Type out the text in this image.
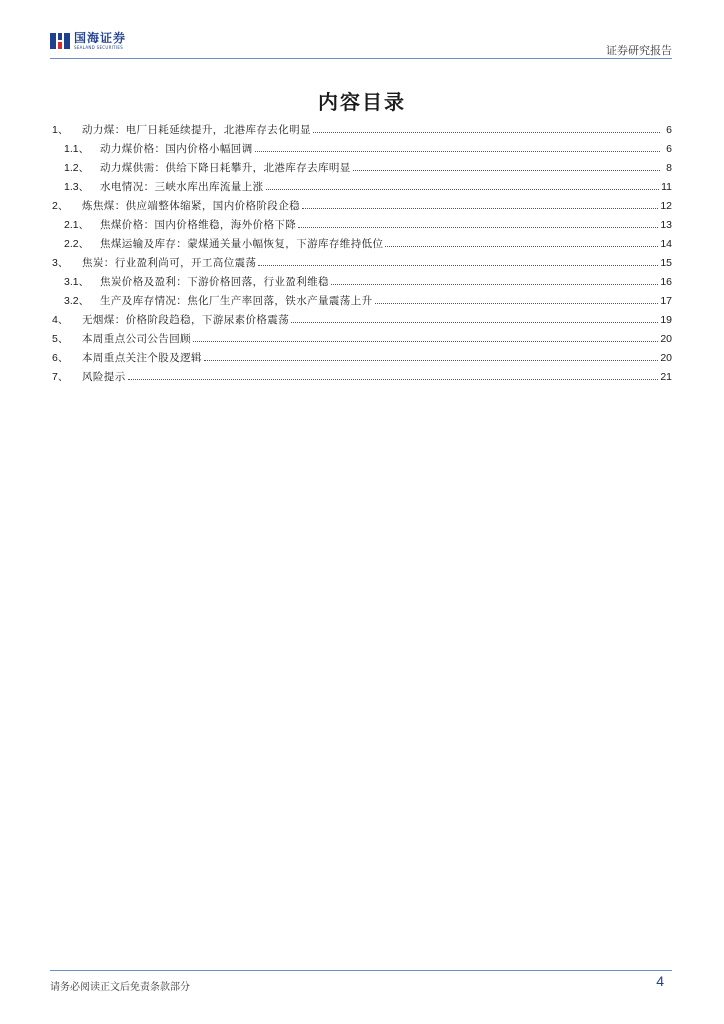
国海证券
SEALAND SECURITIES	证券研究报告
内容目录
1、	动力煤：电厂日耗延续提升，北港库存去化明显	6
1.1、	动力煤价格：国内价格小幅回调	6
1.2、	动力煤供需：供给下降日耗攀升，北港库存去库明显	8
1.3、	水电情况：三峡水库出库流量上涨	11
2、	炼焦煤：供应端整体缩紧，国内价格阶段企稳	12
2.1、	焦煤价格：国内价格维稳，海外价格下降	13
2.2、	焦煤运输及库存：蒙煤通关量小幅恢复，下游库存维持低位	14
3、	焦炭：行业盈利尚可，开工高位震荡	15
3.1、	焦炭价格及盈利：下游价格回落，行业盈利维稳	16
3.2、	生产及库存情况：焦化厂生产率回落，铁水产量震荡上升	17
4、	无烟煤：价格阶段趋稳，下游尿素价格震荡	19
5、	本周重点公司公告回顾	20
6、	本周重点关注个股及逻辑	20
7、	风险提示	21
请务必阅读正文后免责条款部分	4
